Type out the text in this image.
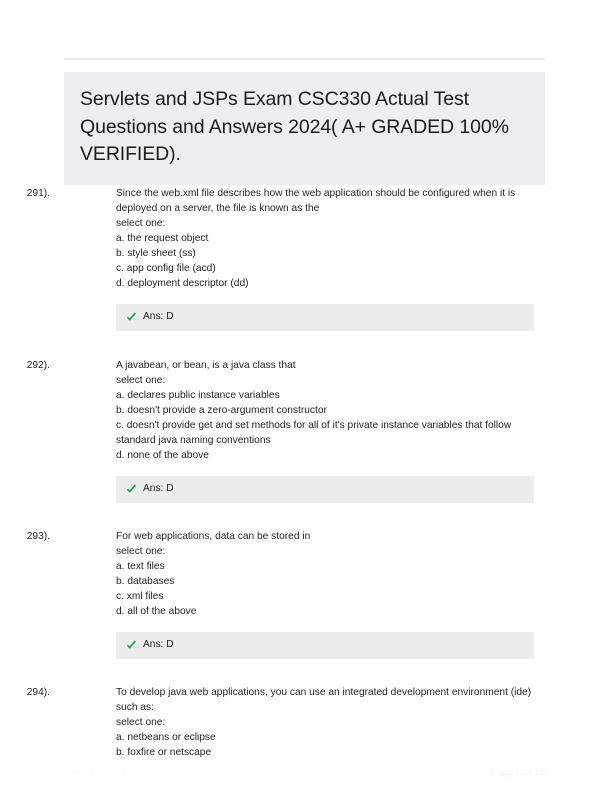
Servlets and JSPs Exam CSC330 Actual Test Questions and Answers 2024( A+ GRADED 100% VERIFIED).
291).	Since the web.xml file describes how the web application should be configured when it is deployed on a server, the file is known as the

select one:

a. the request object

b. style sheet (ss)

c. app config file (acd)

d. deployment descriptor (dd)

Ans: D
292).	A javabean, or bean, is a java class that

select one:

a. declares public instance variables

b. doesn't provide a zero-argument constructor

c. doesn't provide get and set methods for all of it's private instance variables that follow standard java naming conventions

d. none of the above

Ans: D
293).	For web applications, data can be stored in

select one:

a. text files

b. databases

c. xml files

d. all of the above

Ans: D
294).	To develop java web applications, you can use an integrated development environment (ide) such as:

select one:

a. netbeans or eclipse

b. foxfire or netscape

PaperStic.com	Page 1 of 18
